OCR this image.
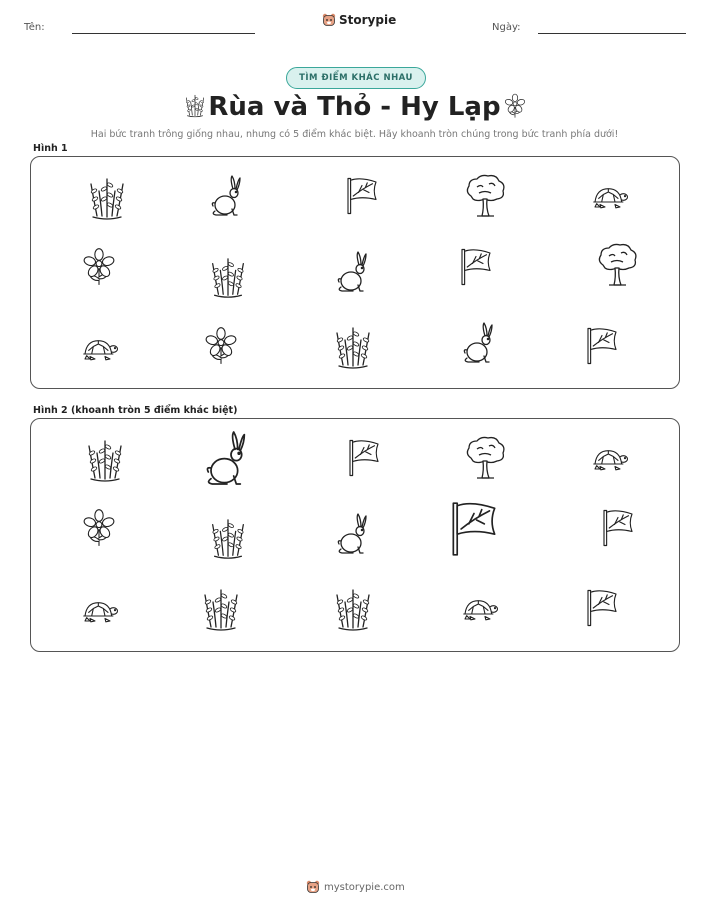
Tên:
Storypie
Ngày:
TÌM ĐIỂM KHÁC NHAU
Rùa và Thỏ - Hy Lạp
Hai bức tranh trông giống nhau, nhưng có 5 điểm khác biệt. Hãy khoanh tròn chúng trong bức tranh phía dưới!
Hình 1
Hình 2 (khoanh tròn 5 điểm khác biệt)
mystorypie.com
